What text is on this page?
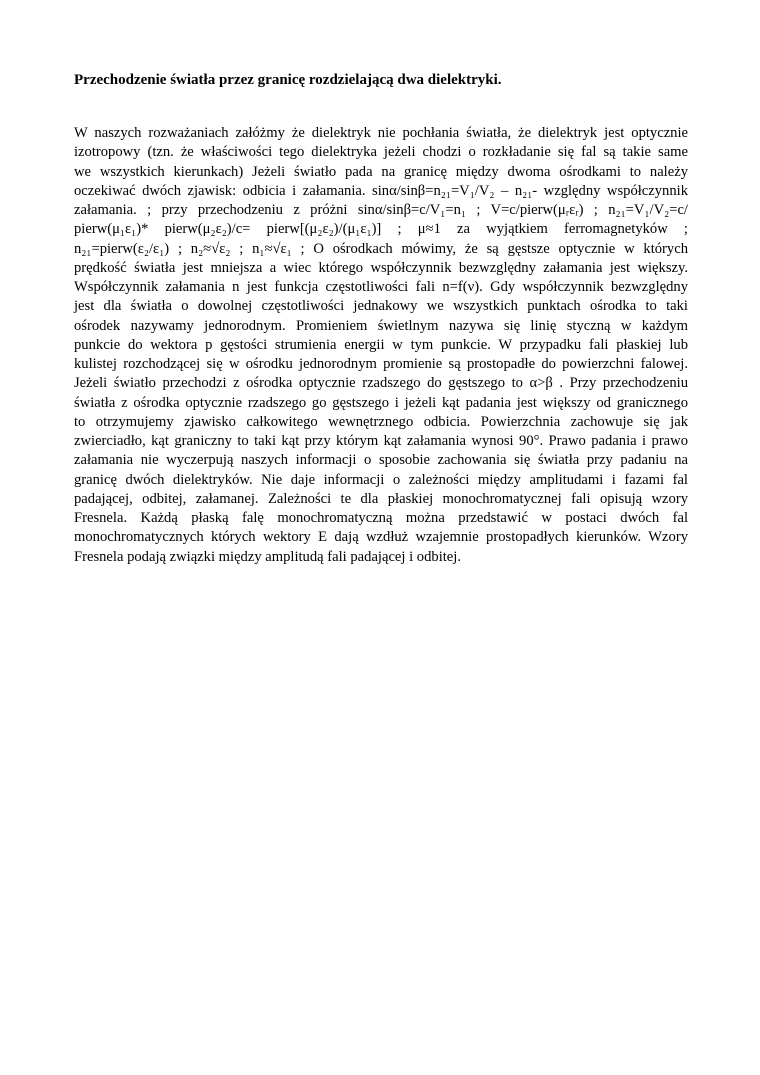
Przechodzenie światła przez granicę rozdzielającą dwa dielektryki.
W naszych rozważaniach załóżmy że dielektryk nie pochłania światła, że dielektryk jest optycznie
izotropowy (tzn. że właściwości tego dielektryka jeżeli chodzi o rozkładanie się fal są takie same
we wszystkich kierunkach) Jeżeli światło pada na granicę między dwoma ośrodkami to należy
oczekiwać dwóch zjawisk: odbicia i załamania. sinα/sinβ=n₂₁=V₁/V₂ – n₂₁- względny współczynnik
załamania. ; przy przechodzeniu z próżni sinα/sinβ=c/V₁=n₁ ; V=c/pierw(μᵣεᵣ) ; n₂₁=V₁/V₂=c/
pierw(μ₁ε₁)* pierw(μ₂ε₂)/c= pierw[(μ₂ε₂)/(μ₁ε₁)] ; μ≈1 za wyjątkiem ferromagnetyków ;
n₂₁=pierw(ε₂/ε₁) ; n₂≈√ε₂ ; n₁≈√ε₁ ; O ośrodkach mówimy, że są gęstsze optycznie w których
prędkość światła jest mniejsza a wiec którego współczynnik bezwzględny załamania jest większy.
Współczynnik załamania n jest funkcja częstotliwości fali n=f(ν). Gdy współczynnik bezwzględny
jest dla światła o dowolnej częstotliwości jednakowy we wszystkich punktach ośrodka to taki
ośrodek nazywamy jednorodnym. Promieniem świetlnym nazywa się linię styczną w każdym
punkcie do wektora p gęstości strumienia energii w tym punkcie. W przypadku fali płaskiej lub
kulistej rozchodzącej się w ośrodku jednorodnym promienie są prostopadłe do powierzchni falowej.
Jeżeli światło przechodzi z ośrodka optycznie rzadszego do gęstszego to α>β . Przy przechodzeniu
światła z ośrodka optycznie rzadszego go gęstszego i jeżeli kąt padania jest większy od granicznego
to otrzymujemy zjawisko całkowitego wewnętrznego odbicia. Powierzchnia zachowuje się jak
zwierciadło, kąt graniczny to taki kąt przy którym kąt załamania wynosi 90°. Prawo padania i prawo
załamania nie wyczerpują naszych informacji o sposobie zachowania się światła przy padaniu na
granicę dwóch dielektryków. Nie daje informacji o zależności między amplitudami i fazami fal
padającej, odbitej, załamanej. Zależności te dla płaskiej monochromatycznej fali opisują wzory
Fresnela. Każdą płaską falę monochromatyczną można przedstawić w postaci dwóch fal
monochromatycznych których wektory E dają wzdłuż wzajemnie prostopadłych kierunków. Wzory
Fresnela podają związki między amplitudą fali padającej i odbitej.
